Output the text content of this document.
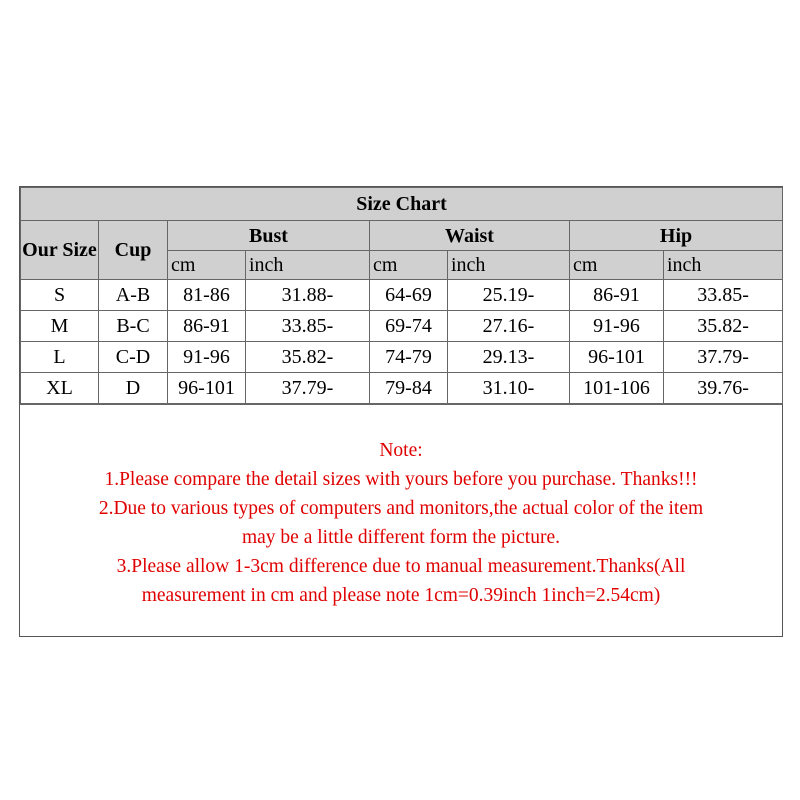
Size Chart							
Our Size	Cup	Bust		Waist		Hip	
		cm	inch	cm	inch	cm	inch
S	A-B	81-86	31.88-	64-69	25.19-	86-91	33.85-
M	B-C	86-91	33.85-	69-74	27.16-	91-96	35.82-
L	C-D	91-96	35.82-	74-79	29.13-	96-101	37.79-
XL	D	96-101	37.79-	79-84	31.10-	101-106	39.76-
Note:
1.Please compare the detail sizes with yours before you purchase. Thanks!!!
2.Due to various types of computers and monitors,the actual color of the item
may be a little different form the picture.
3.Please allow 1-3cm difference due to manual measurement.Thanks(All
measurement in cm and please note 1cm=0.39inch 1inch=2.54cm)
